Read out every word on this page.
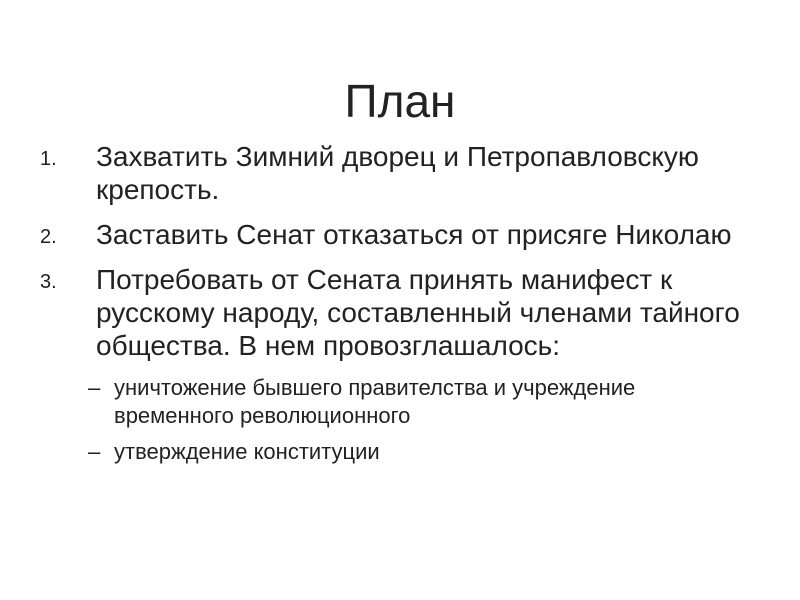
План
1.	Захватить Зимний дворец и Петропавловскую крепость.
2.	Заставить Сенат отказаться от присяге Николаю
3.	Потребовать от Сената принять манифест к русскому народу, составленный членами тайного общества. В нем провозглашалось:
– уничтожение бывшего правителства и учреждение временного революционного
– утверждение конституции
